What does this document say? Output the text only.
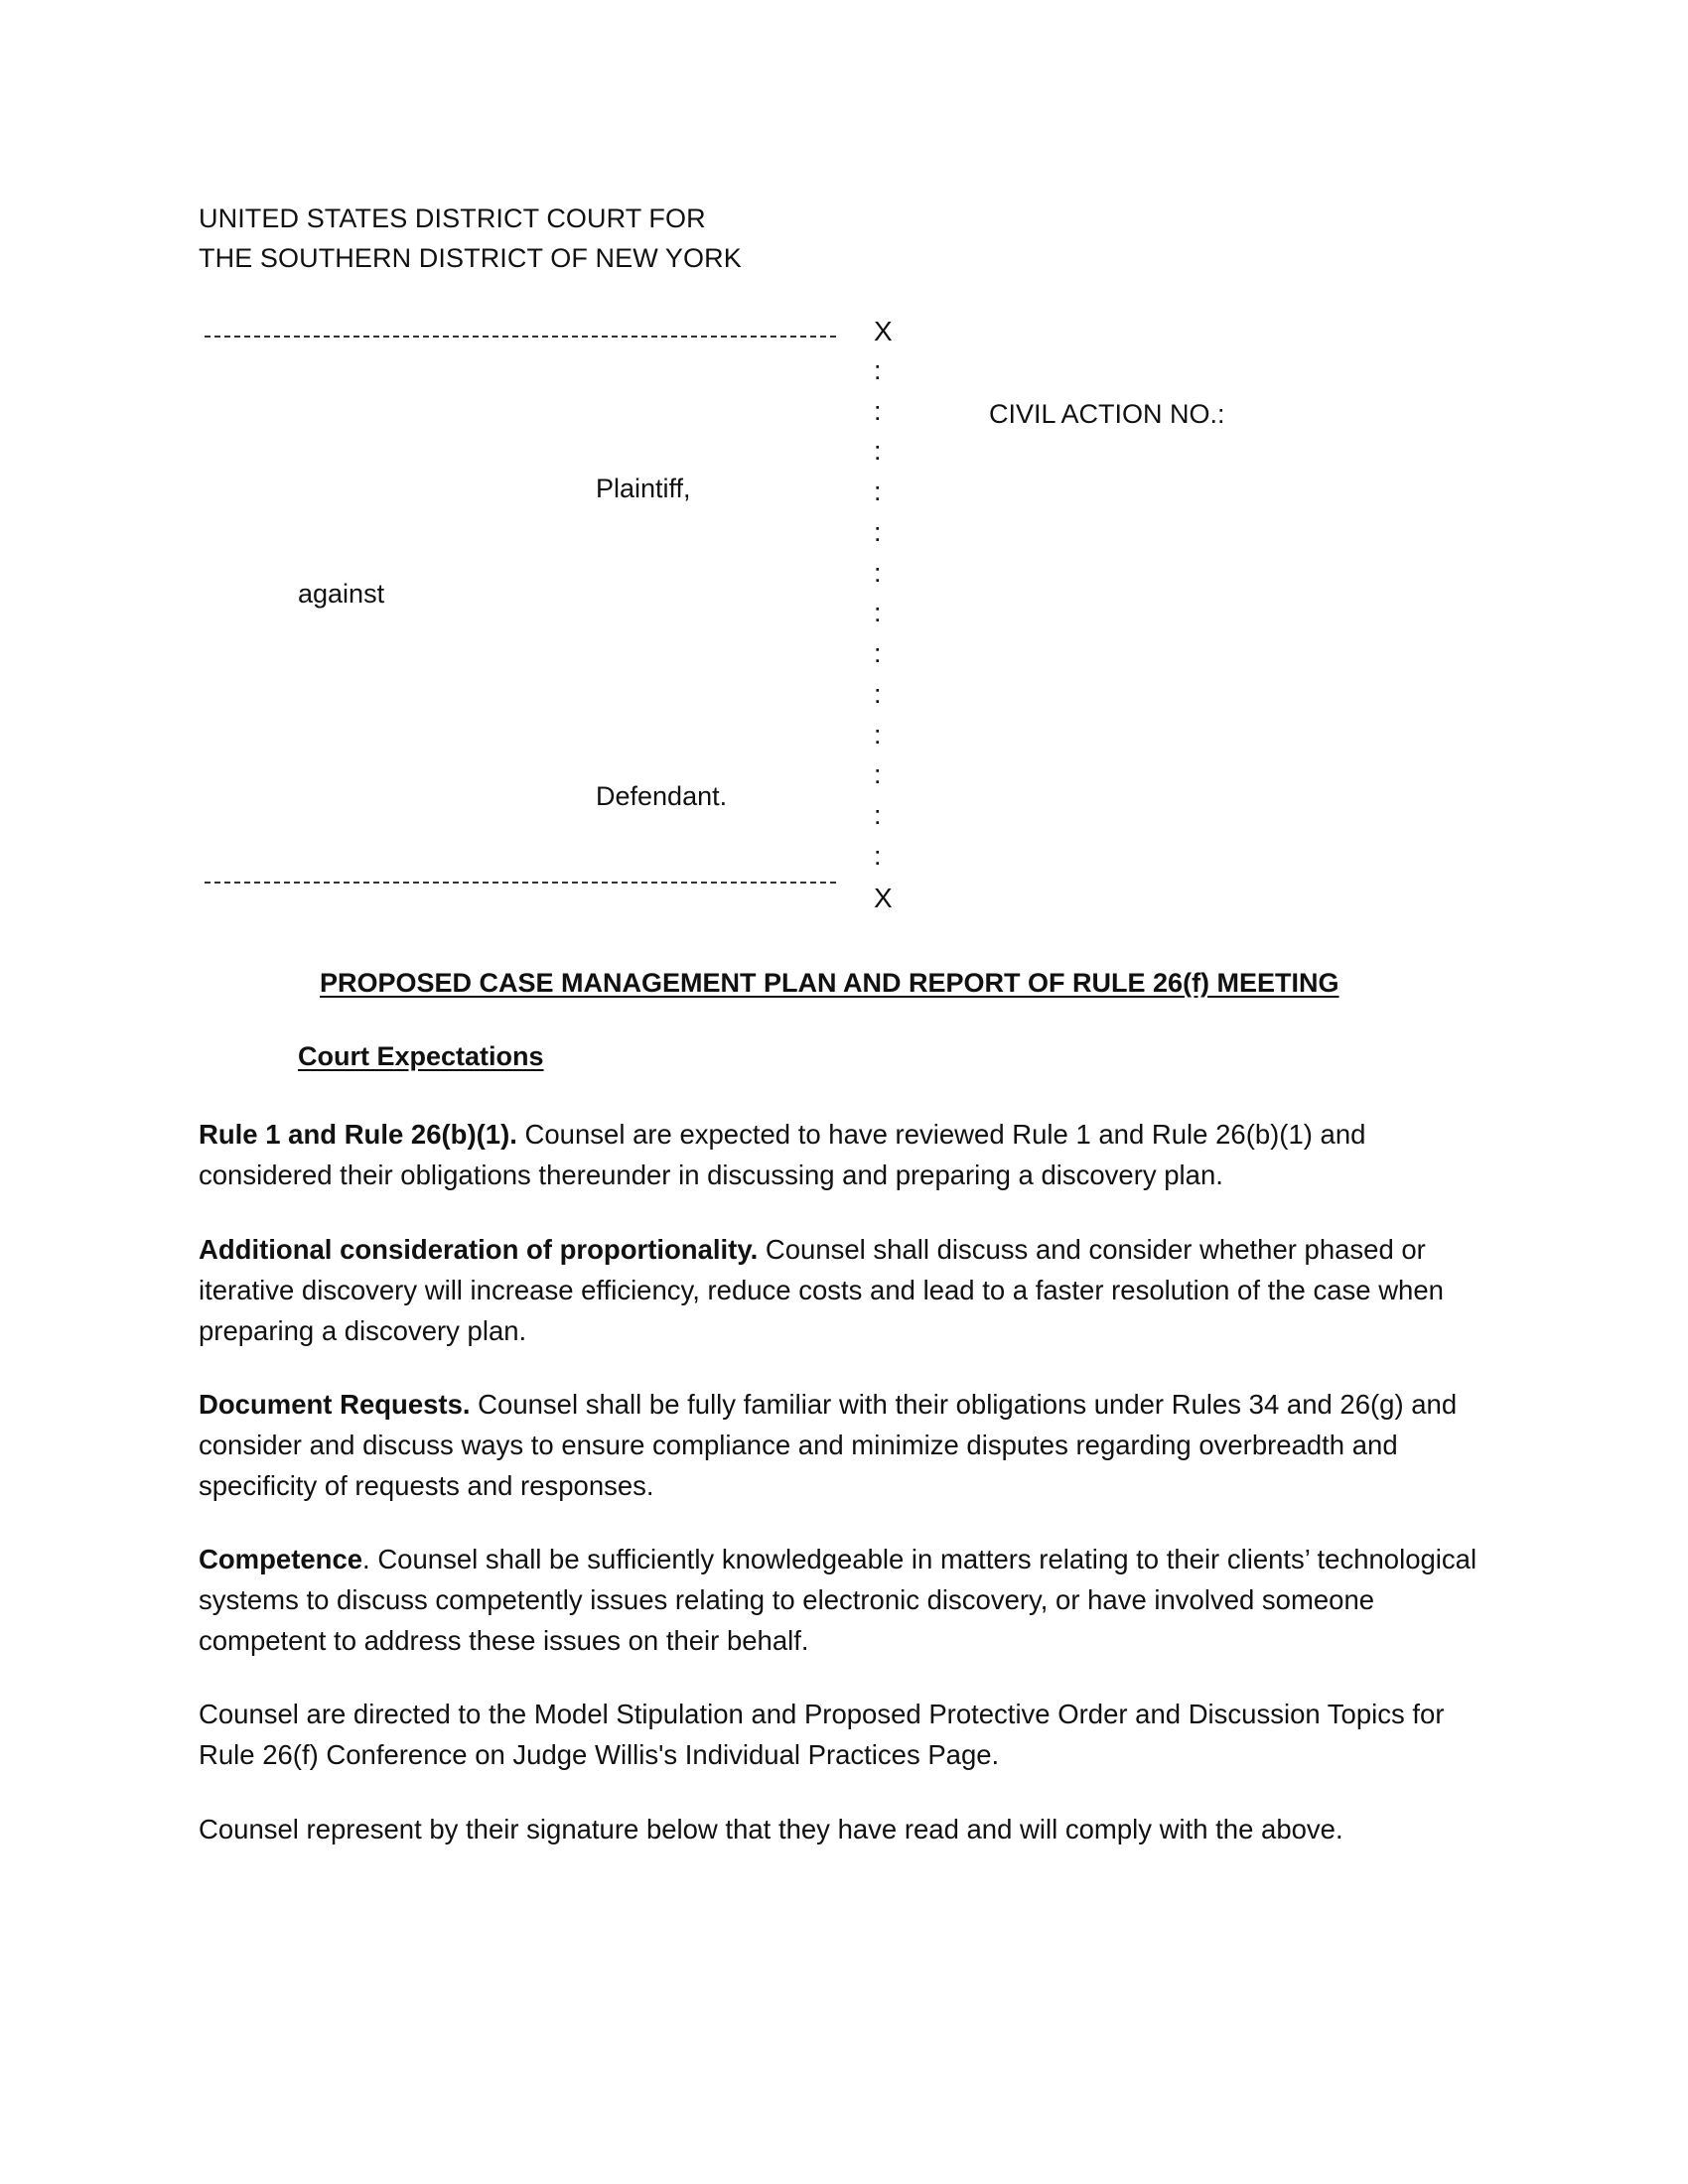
UNITED STATES DISTRICT COURT FOR
THE SOUTHERN DISTRICT OF NEW YORK
X
:
:
:
:
:
:
:
:
:
:
:
:
:
CIVIL ACTION NO.:
Plaintiff,
against
Defendant.
X
PROPOSED CASE MANAGEMENT PLAN AND REPORT OF RULE 26(f) MEETING
Court Expectations
Rule 1 and Rule 26(b)(1). Counsel are expected to have reviewed Rule 1 and Rule 26(b)(1) and considered their obligations thereunder in discussing and preparing a discovery plan.
Additional consideration of proportionality. Counsel shall discuss and consider whether phased or iterative discovery will increase efficiency, reduce costs and lead to a faster resolution of the case when preparing a discovery plan.
Document Requests. Counsel shall be fully familiar with their obligations under Rules 34 and 26(g) and consider and discuss ways to ensure compliance and minimize disputes regarding overbreadth and specificity of requests and responses.
Competence. Counsel shall be sufficiently knowledgeable in matters relating to their clients’ technological systems to discuss competently issues relating to electronic discovery, or have involved someone competent to address these issues on their behalf.
Counsel are directed to the Model Stipulation and Proposed Protective Order and Discussion Topics for Rule 26(f) Conference on Judge Willis's Individual Practices Page.
Counsel represent by their signature below that they have read and will comply with the above.
